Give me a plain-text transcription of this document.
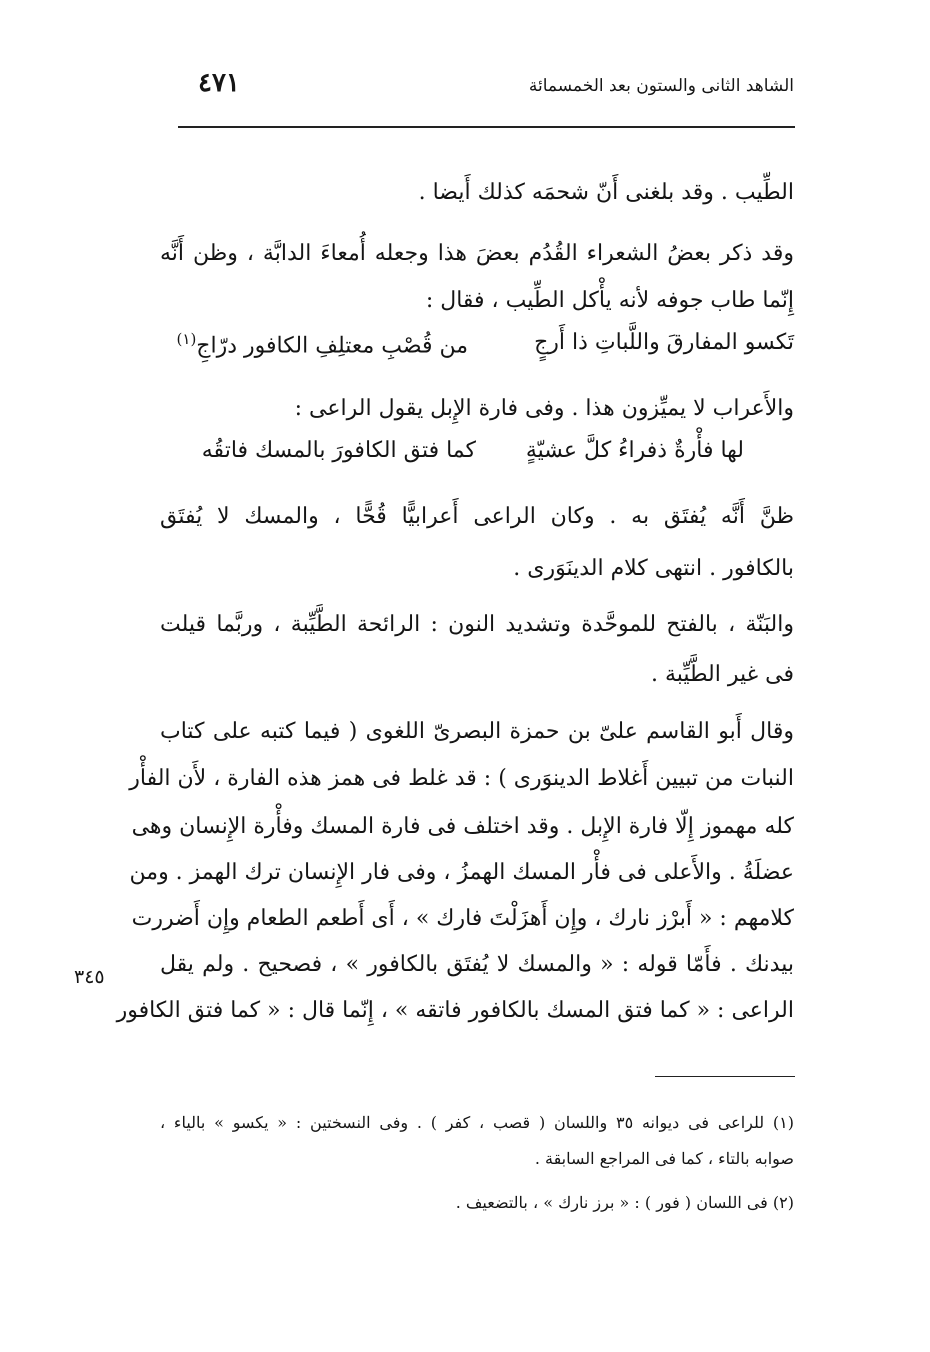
الشاهد الثانى والستون بعد الخمسمائة
٤٧١
الطِّيب . وقد بلغنى أَنّ شحمَه كذلك أَيضا .
وقد ذكر بعضُ الشعراء القُدُم بعضَ هذا وجعله أُمعاءَ الدابَّة ، وظن أَنَّه
إِنّما طاب جوفه لأنه يأْكل الطِّيب ، فقال :
تَكسو المفارقَ واللَّباتِ ذا أَرجٍ
من قُصْبِ معتلِفِ الكافور درّاجِ$^{(١)}$
والأَعراب لا يميِّزون هذا . وفى فارة الإِبل يقول الراعى :
لها فأْرةٌ ذفراءُ كلَّ عشيّةٍ
كما فتق الكافورَ بالمسك فاتقُه
ظنَّ أَنَّه يُفتَق به . وكان الراعى أَعرابيًّا قُحًّا ، والمسك لا يُفتَق
بالكافور . انتهى كلام الدينَوَرى .
والبَنّة ، بالفتح للموحَّدة وتشديد النون : الرائحة الطَّيِّبة ، وربَّما قيلت
فى غير الطَّيِّبة .
وقال أَبو القاسم علىّ بن حمزة البصرىّ اللغوى ( فيما كتبه على كتاب
النبات من تبيين أَغلاط الدينوَرى ) : قد غلط فى همز هذه الفارة ، لأَن الفأْر
كله مهموز إِلّا فارة الإِبل . وقد اختلف فى فارة المسك وفأْرة الإِنسان وهى
عضلَةُ . والأَعلى فى فأْر المسك الهمزُ ، وفى فار الإِنسان ترك الهمز . ومن
كلامهم : « أَبرْز نارك ، وإِن أَهزَلْتَ فارك » ، أَى أَطعم الطعام وإِن أَضررت
بيدنك . فأَمّا قوله : « والمسك لا يُفتَق بالكافور » ، فصحيح . ولم يقل
الراعى : « كما فتق المسك بالكافور فاتقه » ، إِنّما قال : « كما فتق الكافور
٣٤٥
(١) للراعى فى ديوانه ٣٥ واللسان ( قصب ، كفر ) . وفى النسختين : « يكسو » بالياء ،
صوابه بالتاء ، كما فى المراجع السابقة .
(٢) فى اللسان ( فور ) : « برز نارك » ، بالتضعيف .
